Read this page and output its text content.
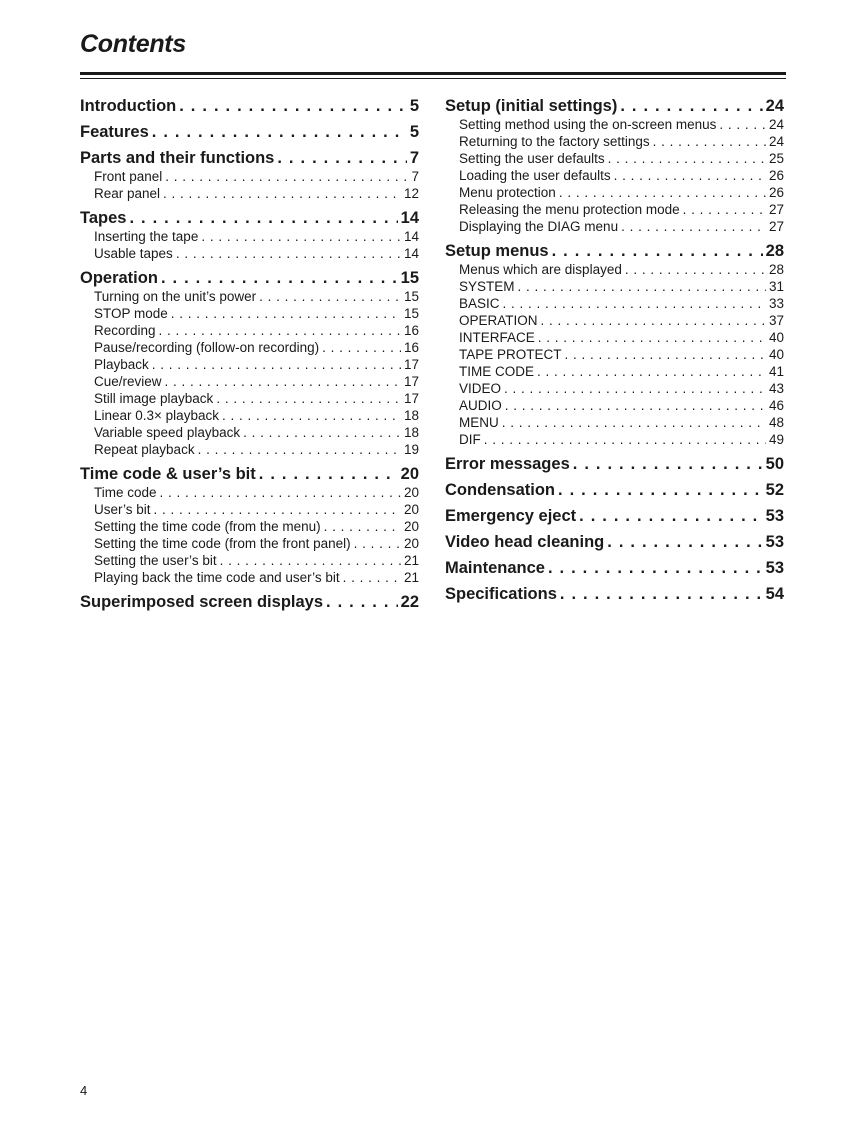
Contents
Introduction . . .	5
Features . . .	5
Parts and their functions . . .	7
Front panel . . .	7
Rear panel . . .	12
Tapes . . .	14
Inserting the tape . . .	14
Usable tapes . . .	14
Operation . . .	15
Turning on the unit’s power . . .	15
STOP mode . . .	15
Recording . . .	16
Pause/recording (follow-on recording) . . .	16
Playback . . .	17
Cue/review . . .	17
Still image playback . . .	17
Linear 0.3× playback . . .	18
Variable speed playback . . .	18
Repeat playback . . .	19
Time code & user’s bit . . .	20
Time code . . .	20
User’s bit . . .	20
Setting the time code (from the menu) . . .	20
Setting the time code (from the front panel) . . .	20
Setting the user’s bit . . .	21
Playing back the time code and user’s bit . . .	21
Superimposed screen displays . . .	22
Setup (initial settings) . . .	24
Setting method using the on-screen menus . . .	24
Returning to the factory settings . . .	24
Setting the user defaults . . .	25
Loading the user defaults . . .	26
Menu protection . . .	26
Releasing the menu protection mode . . .	27
Displaying the DIAG menu . . .	27
Setup menus . . .	28
Menus which are displayed . . .	28
SYSTEM . . .	31
BASIC . . .	33
OPERATION . . .	37
INTERFACE . . .	40
TAPE PROTECT . . .	40
TIME CODE . . .	41
VIDEO . . .	43
AUDIO . . .	46
MENU . . .	48
DIF . . .	49
Error messages . . .	50
Condensation . . .	52
Emergency eject . . .	53
Video head cleaning . . .	53
Maintenance . . .	53
Specifications . . .	54
4
